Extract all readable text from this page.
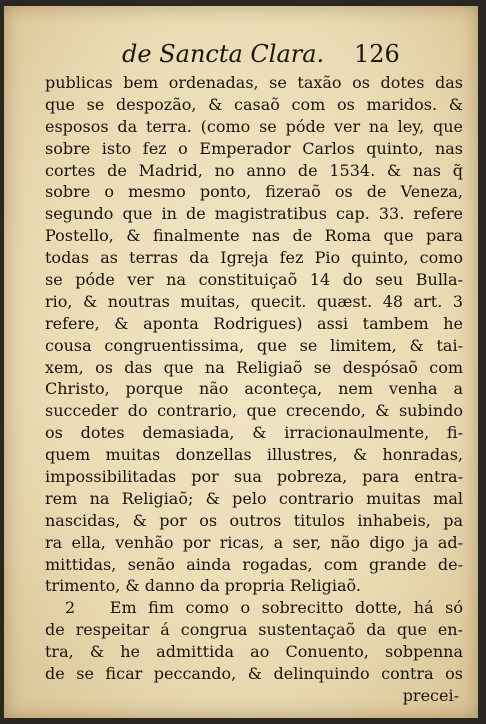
de Sancta Clara. 126
publicas bem ordenadas, se taxão os dotes das
que se despozão, & casaõ com os maridos. &
esposos da terra. (como se póde ver na ley, que
sobre isto fez o Emperador Carlos quinto, nas
cortes de Madrid, no anno de 1534. & nas q̃
sobre o mesmo ponto, fizeraõ os de Veneza,
segundo que in de magistratibus cap. 33. refere
Postello, & finalmente nas de Roma que para
todas as terras da Igreja fez Pio quinto, como
se póde ver na constituiçaõ 14 do seu Bulla-
rio, & noutras muitas, quecit. quæst. 48 art. 3
refere, & aponta Rodrigues) assi tambem he
cousa congruentissima, que se limitem, & tai-
xem, os das que na Religiaõ se despósaõ com
Christo, porque não aconteça, nem venha a
succeder do contrario, que crecendo, & subindo
os dotes demasiada, & irracionaulmente, fi-
quem muitas donzellas illustres, & honradas,
impossibilitadas por sua pobreza, para entra-
rem na Religiaõ; & pelo contrario muitas mal
nascidas, & por os outros titulos inhabeis, pa
ra ella, venhão por ricas, a ser, não digo ja ad-
mittidas, senão ainda rogadas, com grande de-
trimento, & danno da propria Religiaõ.
2 Em fim como o sobrecitto dotte, há só
de respeitar á congrua sustentaçaõ da que en-
tra, & he admittida ao Conuento, sobpenna
de se ficar peccando, & delinquindo contra os
precei-
